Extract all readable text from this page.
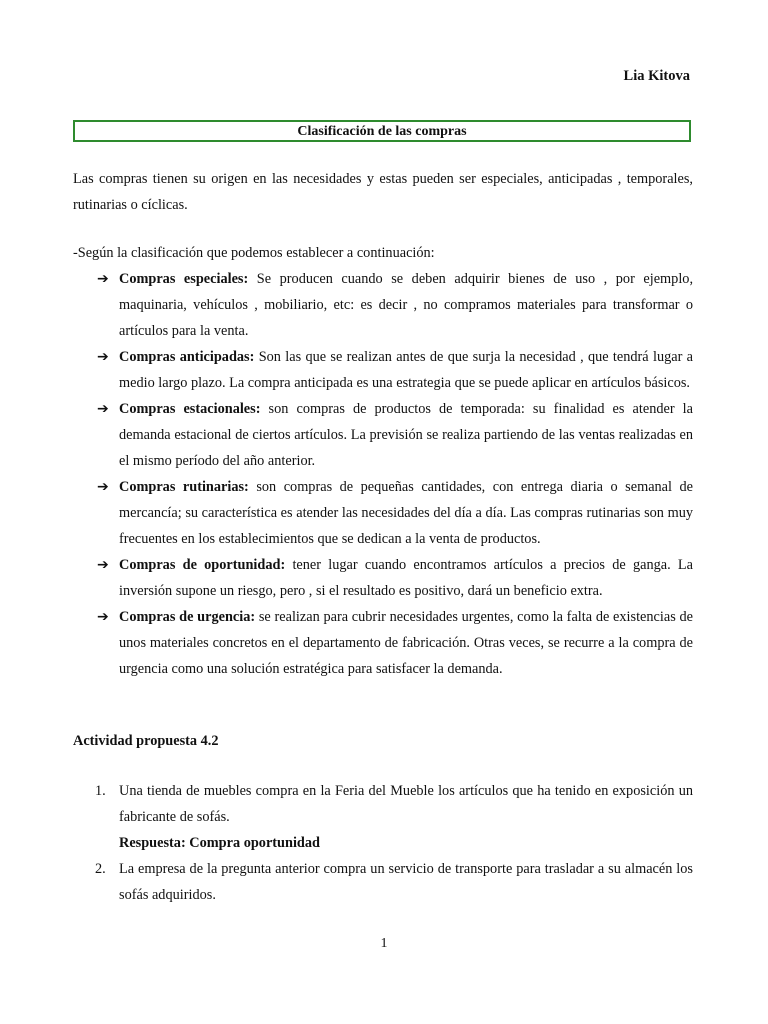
Lia Kitova
Clasificación de las compras

Las compras tienen su origen en las necesidades y estas pueden ser especiales, anticipadas , temporales, rutinarias o cíclicas.

-Según la clasificación que podemos establecer a continuación:

➔ Compras especiales: Se producen cuando se deben adquirir bienes de uso , por ejemplo, maquinaria, vehículos , mobiliario, etc: es decir , no compramos materiales para transformar o artículos para la venta.
➔ Compras anticipadas: Son las que se realizan antes de que surja la necesidad , que tendrá lugar a medio largo plazo. La compra anticipada es una estrategia que se puede aplicar en artículos básicos.
➔ Compras estacionales: son compras de productos de temporada: su finalidad es atender la demanda estacional de ciertos artículos. La previsión se realiza partiendo de las ventas realizadas en el mismo período del año anterior.
➔ Compras rutinarias: son compras de pequeñas cantidades, con entrega diaria o semanal de mercancía; su característica es atender las necesidades del día a día. Las compras rutinarias son muy frecuentes en los establecimientos que se dedican a la venta de productos.
➔ Compras de oportunidad: tener lugar cuando encontramos artículos a precios de ganga. La inversión supone un riesgo, pero , si el resultado es positivo, dará un beneficio extra.
➔ Compras de urgencia: se realizan para cubrir necesidades urgentes, como la falta de existencias de unos materiales concretos en el departamento de fabricación. Otras veces, se recurre a la compra de urgencia como una solución estratégica para satisfacer la demanda.

Actividad propuesta 4.2

1. Una tienda de muebles compra en la Feria del Mueble los artículos que ha tenido en exposición un fabricante de sofás.
Respuesta: Compra oportunidad
2. La empresa de la pregunta anterior compra un servicio de transporte para trasladar a su almacén los sofás adquiridos.
1
